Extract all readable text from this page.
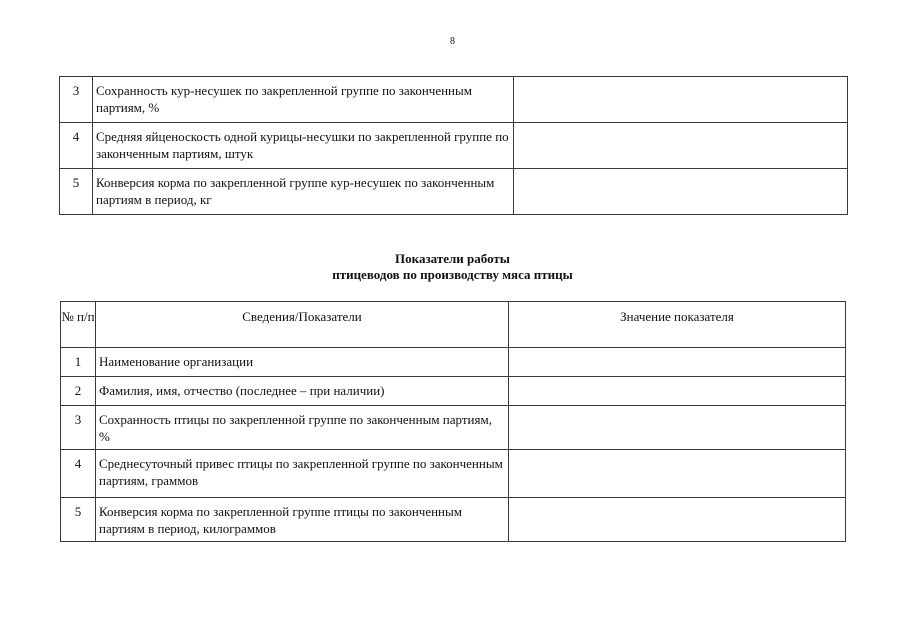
8
3	Сохранность кур-несушек по закрепленной группе по законченным партиям, %	
4	Средняя яйценоскость одной курицы-несушки по закрепленной группе по законченным партиям, штук	
5	Конверсия корма по закрепленной группе кур-несушек по законченным партиям в период, кг	
Показатели работы
птицеводов по производству мяса птицы
№ п/п	Сведения/Показатели	Значение показателя
1	Наименование организации	
2	Фамилия, имя, отчество (последнее – при наличии)	
3	Сохранность птицы по закрепленной группе по законченным партиям, %	
4	Среднесуточный привес птицы по закрепленной группе по законченным партиям, граммов	
5	Конверсия корма по закрепленной группе птицы по законченным партиям в период, килограммов	
